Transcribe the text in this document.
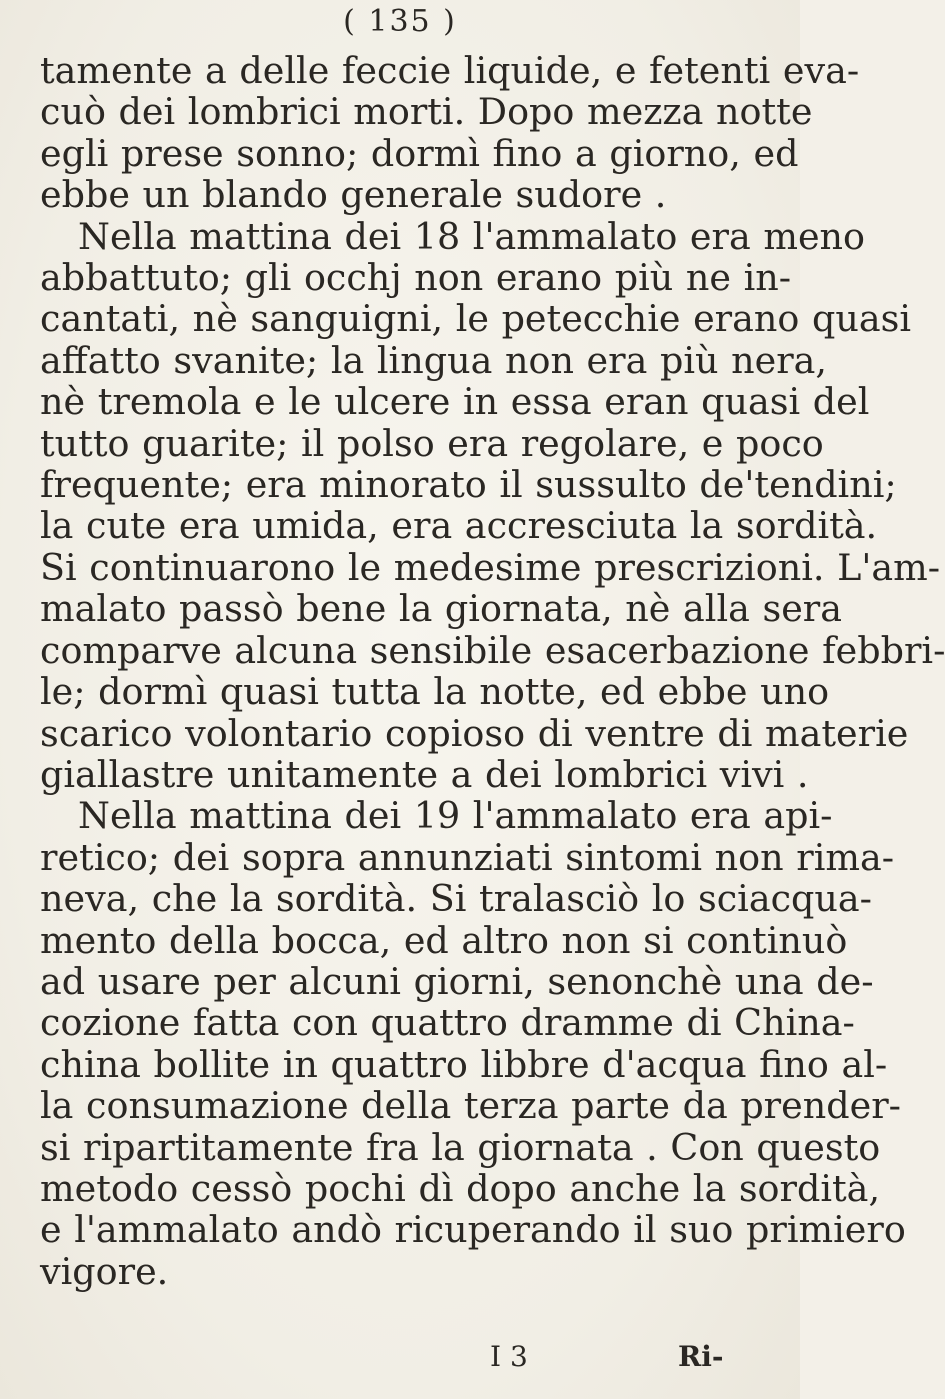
( 135 )
tamente a delle feccie liquide, e fetenti eva-
cuò dei lombrici morti. Dopo mezza notte
egli prese sonno; dormì fino a giorno, ed
ebbe un blando generale sudore .
Nella mattina dei 18 l'ammalato era meno
abbattuto; gli occhj non erano più ne in-
cantati, nè sanguigni, le petecchie erano quasi
affatto svanite; la lingua non era più nera,
nè tremola e le ulcere in essa eran quasi del
tutto guarite; il polso era regolare, e poco
frequente; era minorato il sussulto de'tendini;
la cute era umida, era accresciuta la sordità.
Si continuarono le medesime prescrizioni. L'am-
malato passò bene la giornata, nè alla sera
comparve alcuna sensibile esacerbazione febbri-
le; dormì quasi tutta la notte, ed ebbe uno
scarico volontario copioso di ventre di materie
giallastre unitamente a dei lombrici vivi .
Nella mattina dei 19 l'ammalato era api-
retico; dei sopra annunziati sintomi non rima-
neva, che la sordità. Si tralasciò lo sciacqua-
mento della bocca, ed altro non si continuò
ad usare per alcuni giorni, senonchè una de-
cozione fatta con quattro dramme di China-
china bollite in quattro libbre d'acqua fino al-
la consumazione della terza parte da prender-
si ripartitamente fra la giornata . Con questo
metodo cessò pochi dì dopo anche la sordità,
e l'ammalato andò ricuperando il suo primiero
vigore.
I 3	Ri-
